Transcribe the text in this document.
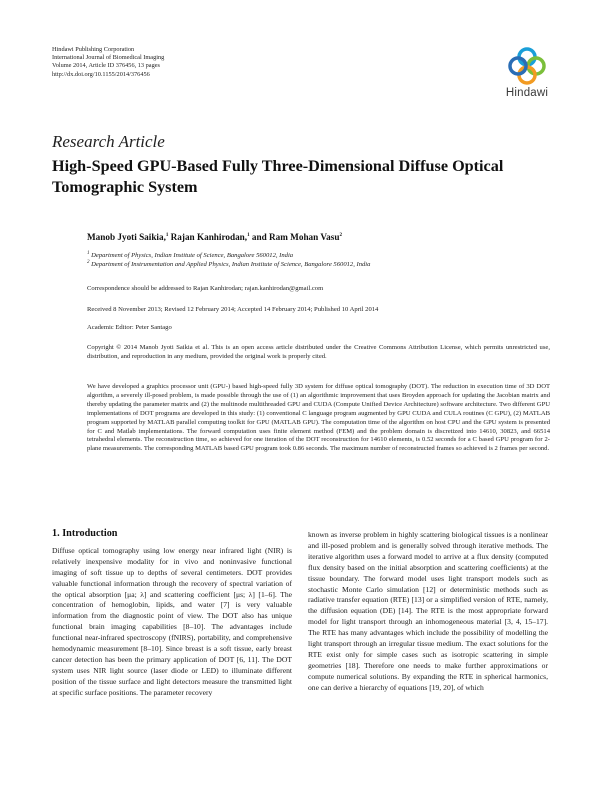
Hindawi Publishing Corporation
International Journal of Biomedical Imaging
Volume 2014, Article ID 376456, 13 pages
http://dx.doi.org/10.1155/2014/376456
Hindawi
Research Article
High-Speed GPU-Based Fully Three-Dimensional Diffuse Optical Tomographic System
Manob Jyoti Saikia,$^1$ Rajan Kanhirodan,$^1$ and Ram Mohan Vasu$^2$
$^1$ Department of Physics, Indian Institute of Science, Bangalore 560012, India
$^2$ Department of Instrumentation and Applied Physics, Indian Institute of Science, Bangalore 560012, India
Correspondence should be addressed to Rajan Kanhirodan; rajan.kanhirodan@gmail.com
Received 8 November 2013; Revised 12 February 2014; Accepted 14 February 2014; Published 10 April 2014
Academic Editor: Peter Santago
Copyright © 2014 Manob Jyoti Saikia et al. This is an open access article distributed under the Creative Commons Attribution License, which permits unrestricted use, distribution, and reproduction in any medium, provided the original work is properly cited.
We have developed a graphics processor unit (GPU-) based high-speed fully 3D system for diffuse optical tomography (DOT). The reduction in execution time of 3D DOT algorithm, a severely ill-posed problem, is made possible through the use of (1) an algorithmic improvement that uses Broyden approach for updating the Jacobian matrix and thereby updating the parameter matrix and (2) the multinode multithreaded GPU and CUDA (Compute Unified Device Architecture) software architecture. Two different GPU implementations of DOT programs are developed in this study: (1) conventional C language program augmented by GPU CUDA and CULA routines (C GPU), (2) MATLAB program supported by MATLAB parallel computing toolkit for GPU (MATLAB GPU). The computation time of the algorithm on host CPU and the GPU system is presented for C and Matlab implementations. The forward computation uses finite element method (FEM) and the problem domain is discretized into 14610, 30823, and 66514 tetrahedral elements. The reconstruction time, so achieved for one iteration of the DOT reconstruction for 14610 elements, is 0.52 seconds for a C based GPU program for 2-plane measurements. The corresponding MATLAB based GPU program took 0.86 seconds. The maximum number of reconstructed frames so achieved is 2 frames per second.
1. Introduction

Diffuse optical tomography using low energy near infrared light (NIR) is relatively inexpensive modality for in vivo and noninvasive functional imaging of soft tissue up to depths of several centimeters. DOT provides valuable functional information through the recovery of spectral variation of the optical absorption [μa; λ] and scattering coefficient [μs; λ] [1–6]. The concentration of hemoglobin, lipids, and water [7] is very valuable information from the diagnostic point of view. The DOT also has unique functional brain imaging capabilities [8–10]. The advantages include functional near-infrared spectroscopy (fNIRS), portability, and comprehensive hemodynamic measurement [8–10]. Since breast is a soft tissue, early breast cancer detection has been the primary application of DOT [6, 11]. The DOT system uses NIR light source (laser diode or LED) to illuminate different position of the tissue surface and light detectors measure the transmitted light at specific surface positions. The parameter recovery

known as inverse problem in highly scattering biological tissues is a nonlinear and ill-posed problem and is generally solved through iterative methods. The iterative algorithm uses a forward model to arrive at a flux density (computed flux density based on the initial absorption and scattering coefficients) at the tissue boundary. The forward model uses light transport models such as stochastic Monte Carlo simulation [12] or deterministic methods such as radiative transfer equation (RTE) [13] or a simplified version of RTE, namely, the diffusion equation (DE) [14]. The RTE is the most appropriate forward model for light transport through an inhomogeneous material [3, 4, 15–17]. The RTE has many advantages which include the possibility of modelling the light transport through an irregular tissue medium. The exact solutions for the RTE exist only for simple cases such as isotropic scattering in simple geometries [18]. Therefore one needs to make further approximations or compute numerical solutions. By expanding the RTE in spherical harmonics, one can derive a hierarchy of equations [19, 20], of which
